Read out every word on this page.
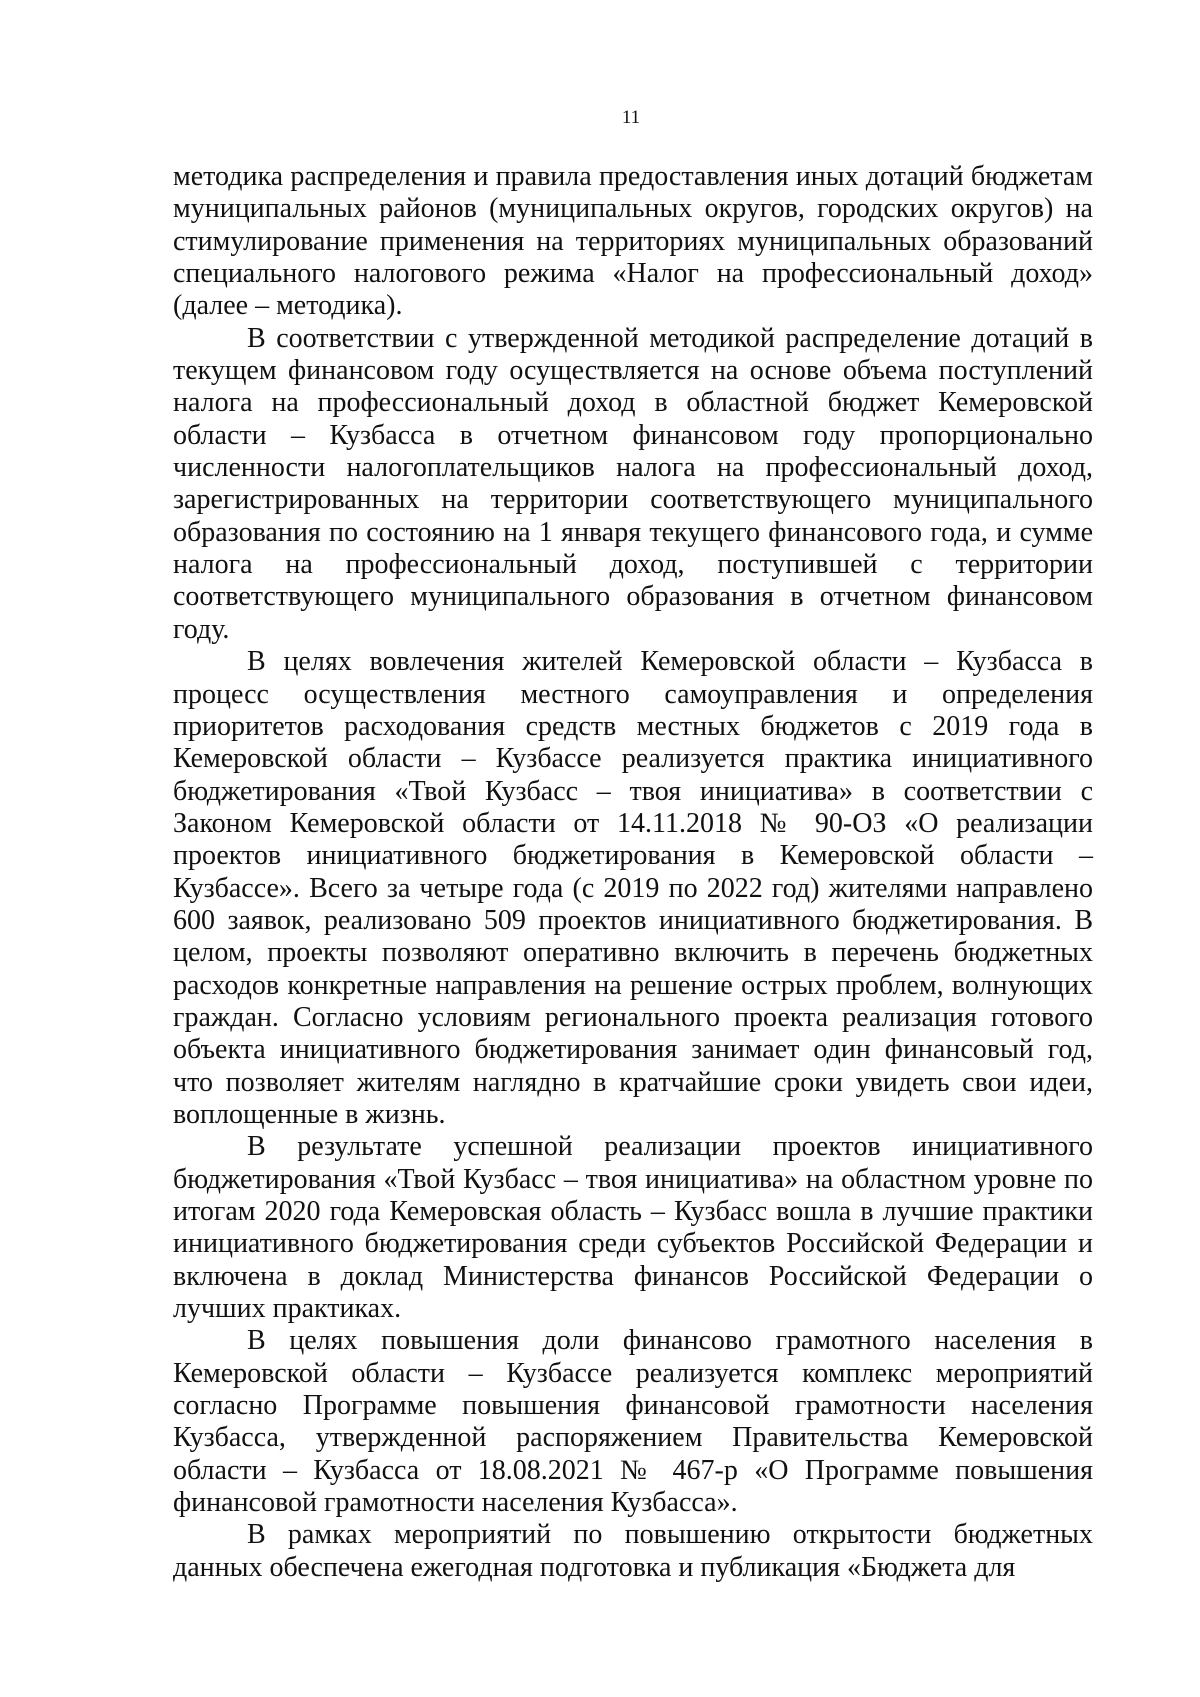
11

методика распределения и правила предоставления иных дотаций бюджетам муниципальных районов (муниципальных округов, городских округов) на стимулирование применения на территориях муниципальных образований специального налогового режима «Налог на профессиональный доход» (далее – методика).

В соответствии с утвержденной методикой распределение дотаций в текущем финансовом году осуществляется на основе объема поступлений налога на профессиональный доход в областной бюджет Кемеровской области – Кузбасса в отчетном финансовом году пропорционально численности налогоплательщиков налога на профессиональный доход, зарегистрированных на территории соответствующего муниципального образования по состоянию на 1 января текущего финансового года, и сумме налога на профессиональный доход, поступившей с территории соответствующего муниципального образования в отчетном финансовом году.

В целях вовлечения жителей Кемеровской области – Кузбасса в процесс осуществления местного самоуправления и определения приоритетов расходования средств местных бюджетов с 2019 года в Кемеровской области – Кузбассе реализуется практика инициативного бюджетирования «Твой Кузбасс – твоя инициатива» в соответствии с Законом Кемеровской области от 14.11.2018 № 90-ОЗ «О реализации проектов инициативного бюджетирования в Кемеровской области – Кузбассе». Всего за четыре года (с 2019 по 2022 год) жителями направлено 600 заявок, реализовано 509 проектов инициативного бюджетирования. В целом, проекты позволяют оперативно включить в перечень бюджетных расходов конкретные направления на решение острых проблем, волнующих граждан. Согласно условиям регионального проекта реализация готового объекта инициативного бюджетирования занимает один финансовый год, что позволяет жителям наглядно в кратчайшие сроки увидеть свои идеи, воплощенные в жизнь.

В результате успешной реализации проектов инициативного бюджетирования «Твой Кузбасс – твоя инициатива» на областном уровне по итогам 2020 года Кемеровская область – Кузбасс вошла в лучшие практики инициативного бюджетирования среди субъектов Российской Федерации и включена в доклад Министерства финансов Российской Федерации о лучших практиках.

В целях повышения доли финансово грамотного населения в Кемеровской области – Кузбассе реализуется комплекс мероприятий согласно Программе повышения финансовой грамотности населения Кузбасса, утвержденной распоряжением Правительства Кемеровской области – Кузбасса от 18.08.2021 № 467-р «О Программе повышения финансовой грамотности населения Кузбасса».

В рамках мероприятий по повышению открытости бюджетных данных обеспечена ежегодная подготовка и публикация «Бюджета для
